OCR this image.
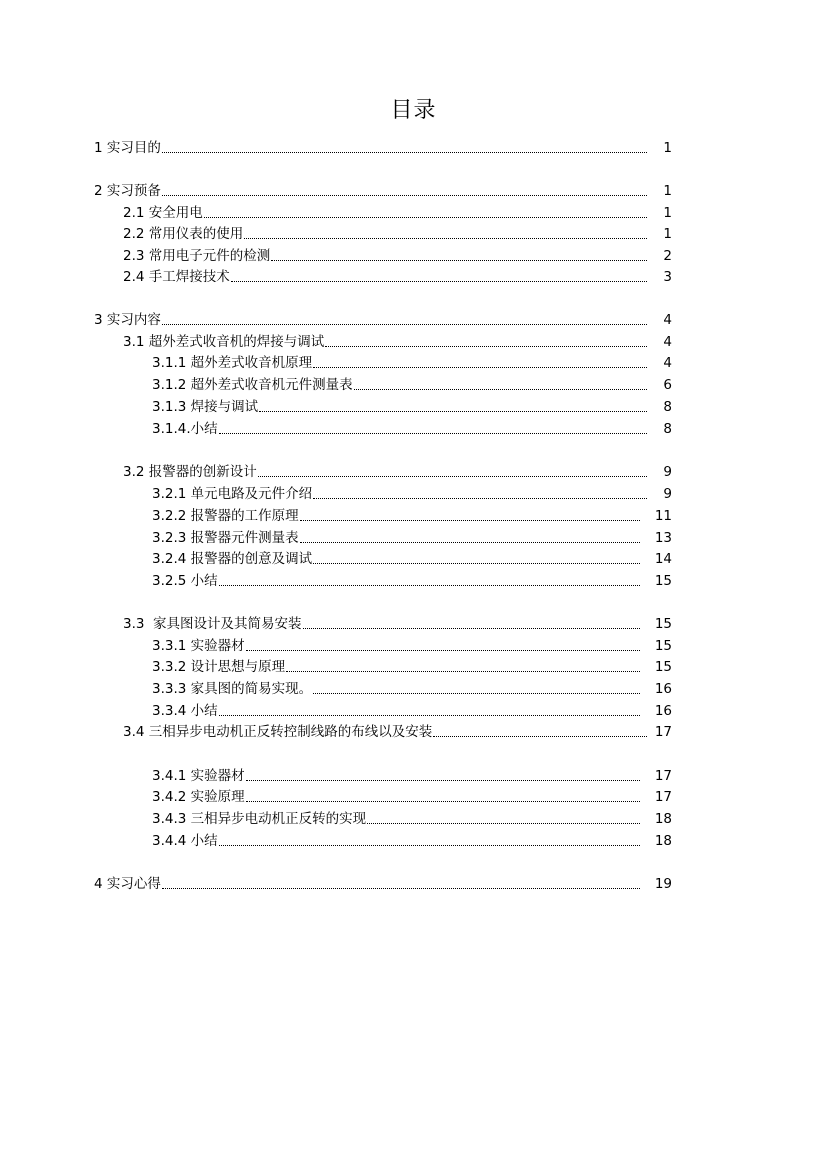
目录
1 实习目的	1
2 实习预备	1
2.1 安全用电	1
2.2 常用仪表的使用	1
2.3 常用电子元件的检测	2
2.4 手工焊接技术	3
3 实习内容	4
3.1 超外差式收音机的焊接与调试	4
3.1.1 超外差式收音机原理	4
3.1.2 超外差式收音机元件测量表	6
3.1.3 焊接与调试	8
3.1.4.小结	8
3.2 报警器的创新设计	9
3.2.1 单元电路及元件介绍	9
3.2.2 报警器的工作原理	11
3.2.3 报警器元件测量表	13
3.2.4 报警器的创意及调试	14
3.2.5 小结	15
3.3  家具图设计及其简易安装	15
3.3.1 实验器材	15
3.3.2 设计思想与原理	15
3.3.3 家具图的简易实现。	16
3.3.4 小结	16
3.4 三相异步电动机正反转控制线路的布线以及安装	17
3.4.1 实验器材	17
3.4.2 实验原理	17
3.4.3 三相异步电动机正反转的实现	18
3.4.4 小结	18
4 实习心得	19
